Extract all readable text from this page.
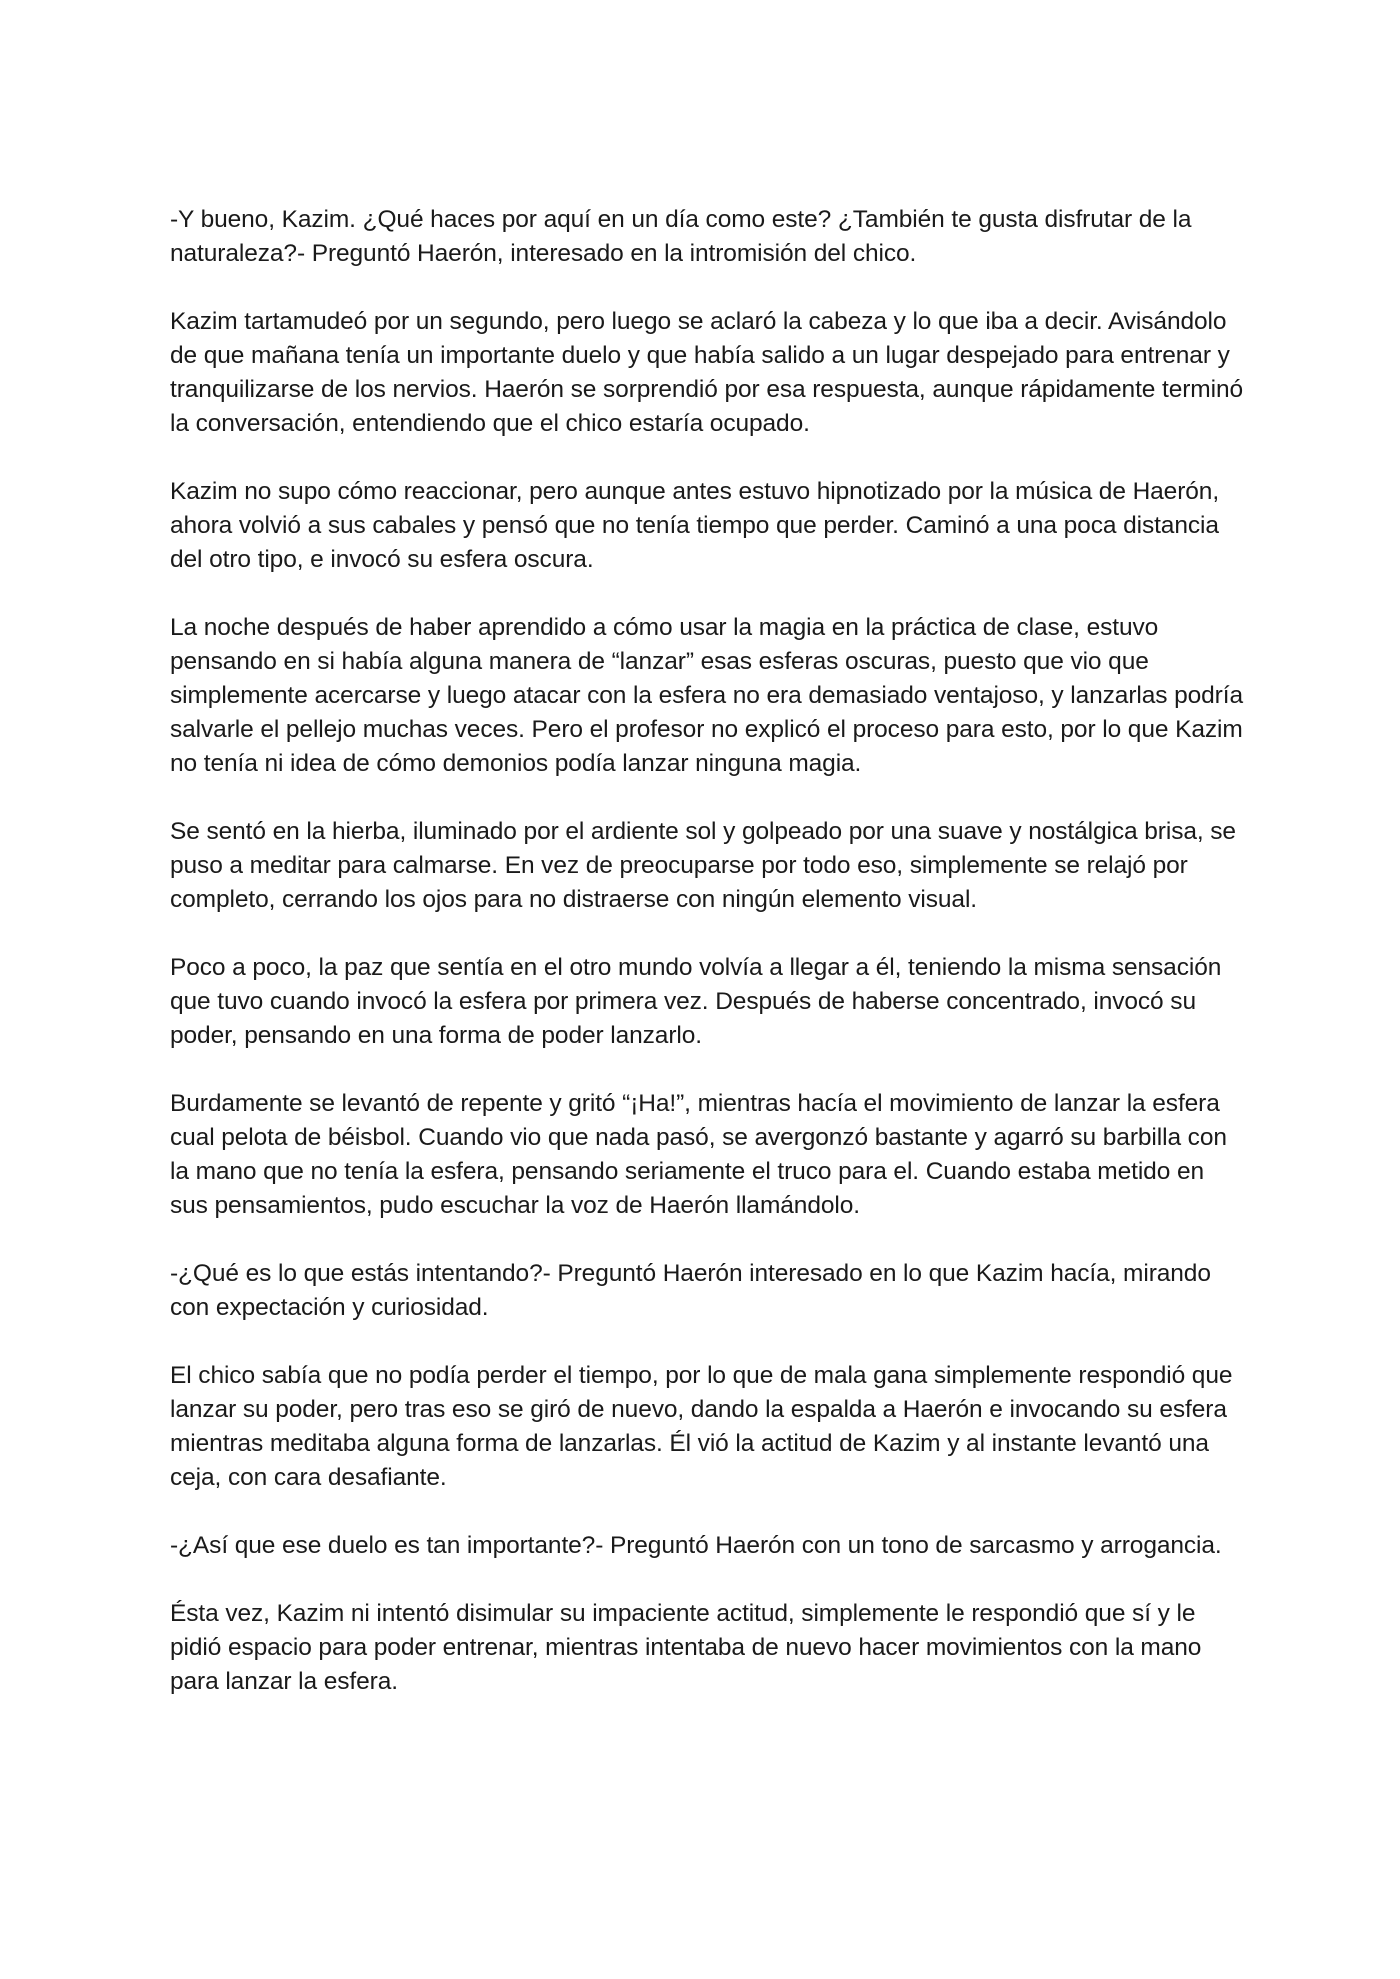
-Y bueno, Kazim. ¿Qué haces por aquí en un día como este? ¿También te gusta disfrutar de la naturaleza?- Preguntó Haerón, interesado en la intromisión del chico.

Kazim tartamudeó por un segundo, pero luego se aclaró la cabeza y lo que iba a decir. Avisándolo de que mañana tenía un importante duelo y que había salido a un lugar despejado para entrenar y tranquilizarse de los nervios. Haerón se sorprendió por esa respuesta, aunque rápidamente terminó la conversación, entendiendo que el chico estaría ocupado.

Kazim no supo cómo reaccionar, pero aunque antes estuvo hipnotizado por la música de Haerón, ahora volvió a sus cabales y pensó que no tenía tiempo que perder. Caminó a una poca distancia del otro tipo, e invocó su esfera oscura.

La noche después de haber aprendido a cómo usar la magia en la práctica de clase, estuvo pensando en si había alguna manera de “lanzar” esas esferas oscuras, puesto que vio que simplemente acercarse y luego atacar con la esfera no era demasiado ventajoso, y lanzarlas podría salvarle el pellejo muchas veces. Pero el profesor no explicó el proceso para esto, por lo que Kazim no tenía ni idea de cómo demonios podía lanzar ninguna magia.

Se sentó en la hierba, iluminado por el ardiente sol y golpeado por una suave y nostálgica brisa, se puso a meditar para calmarse. En vez de preocuparse por todo eso, simplemente se relajó por completo, cerrando los ojos para no distraerse con ningún elemento visual.

Poco a poco, la paz que sentía en el otro mundo volvía a llegar a él, teniendo la misma sensación que tuvo cuando invocó la esfera por primera vez. Después de haberse concentrado, invocó su poder, pensando en una forma de poder lanzarlo.

Burdamente se levantó de repente y gritó “¡Ha!”, mientras hacía el movimiento de lanzar la esfera cual pelota de béisbol. Cuando vio que nada pasó, se avergonzó bastante y agarró su barbilla con la mano que no tenía la esfera, pensando seriamente el truco para el. Cuando estaba metido en sus pensamientos, pudo escuchar la voz de Haerón llamándolo.

-¿Qué es lo que estás intentando?- Preguntó Haerón interesado en lo que Kazim hacía, mirando con expectación y curiosidad.

El chico sabía que no podía perder el tiempo, por lo que de mala gana simplemente respondió que lanzar su poder, pero tras eso se giró de nuevo, dando la espalda a Haerón e invocando su esfera mientras meditaba alguna forma de lanzarlas. Él vió la actitud de Kazim y al instante levantó una ceja, con cara desafiante.

-¿Así que ese duelo es tan importante?- Preguntó Haerón con un tono de sarcasmo y arrogancia.

Ésta vez, Kazim ni intentó disimular su impaciente actitud, simplemente le respondió que sí y le pidió espacio para poder entrenar, mientras intentaba de nuevo hacer movimientos con la mano para lanzar la esfera.
